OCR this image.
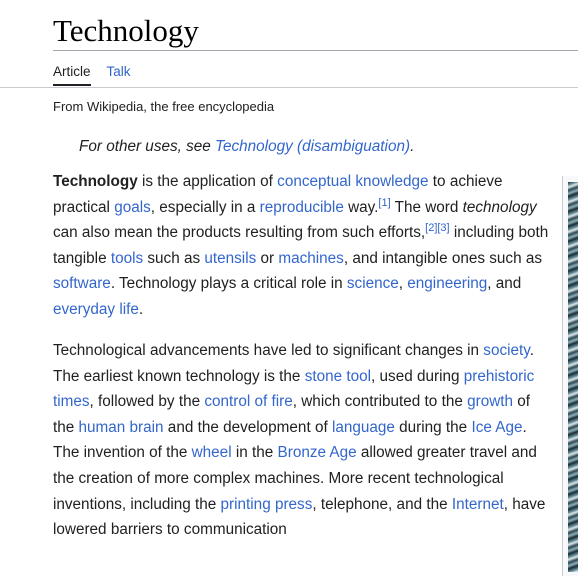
Technology
Article Talk
From Wikipedia, the free encyclopedia
For other uses, see Technology (disambiguation).

Technology is the application of conceptual knowledge to achieve practical goals, especially in a reproducible way.[1] The word technology can also mean the products resulting from such efforts,[2][3] including both tangible tools such as utensils or machines, and intangible ones such as software. Technology plays a critical role in science, engineering, and everyday life.

Technological advancements have led to significant changes in society. The earliest known technology is the stone tool, used during prehistoric times, followed by the control of fire, which contributed to the growth of the human brain and the development of language during the Ice Age. The invention of the wheel in the Bronze Age allowed greater travel and the creation of more complex machines. More recent technological inventions, including the printing press, telephone, and the Internet, have lowered barriers to communication
